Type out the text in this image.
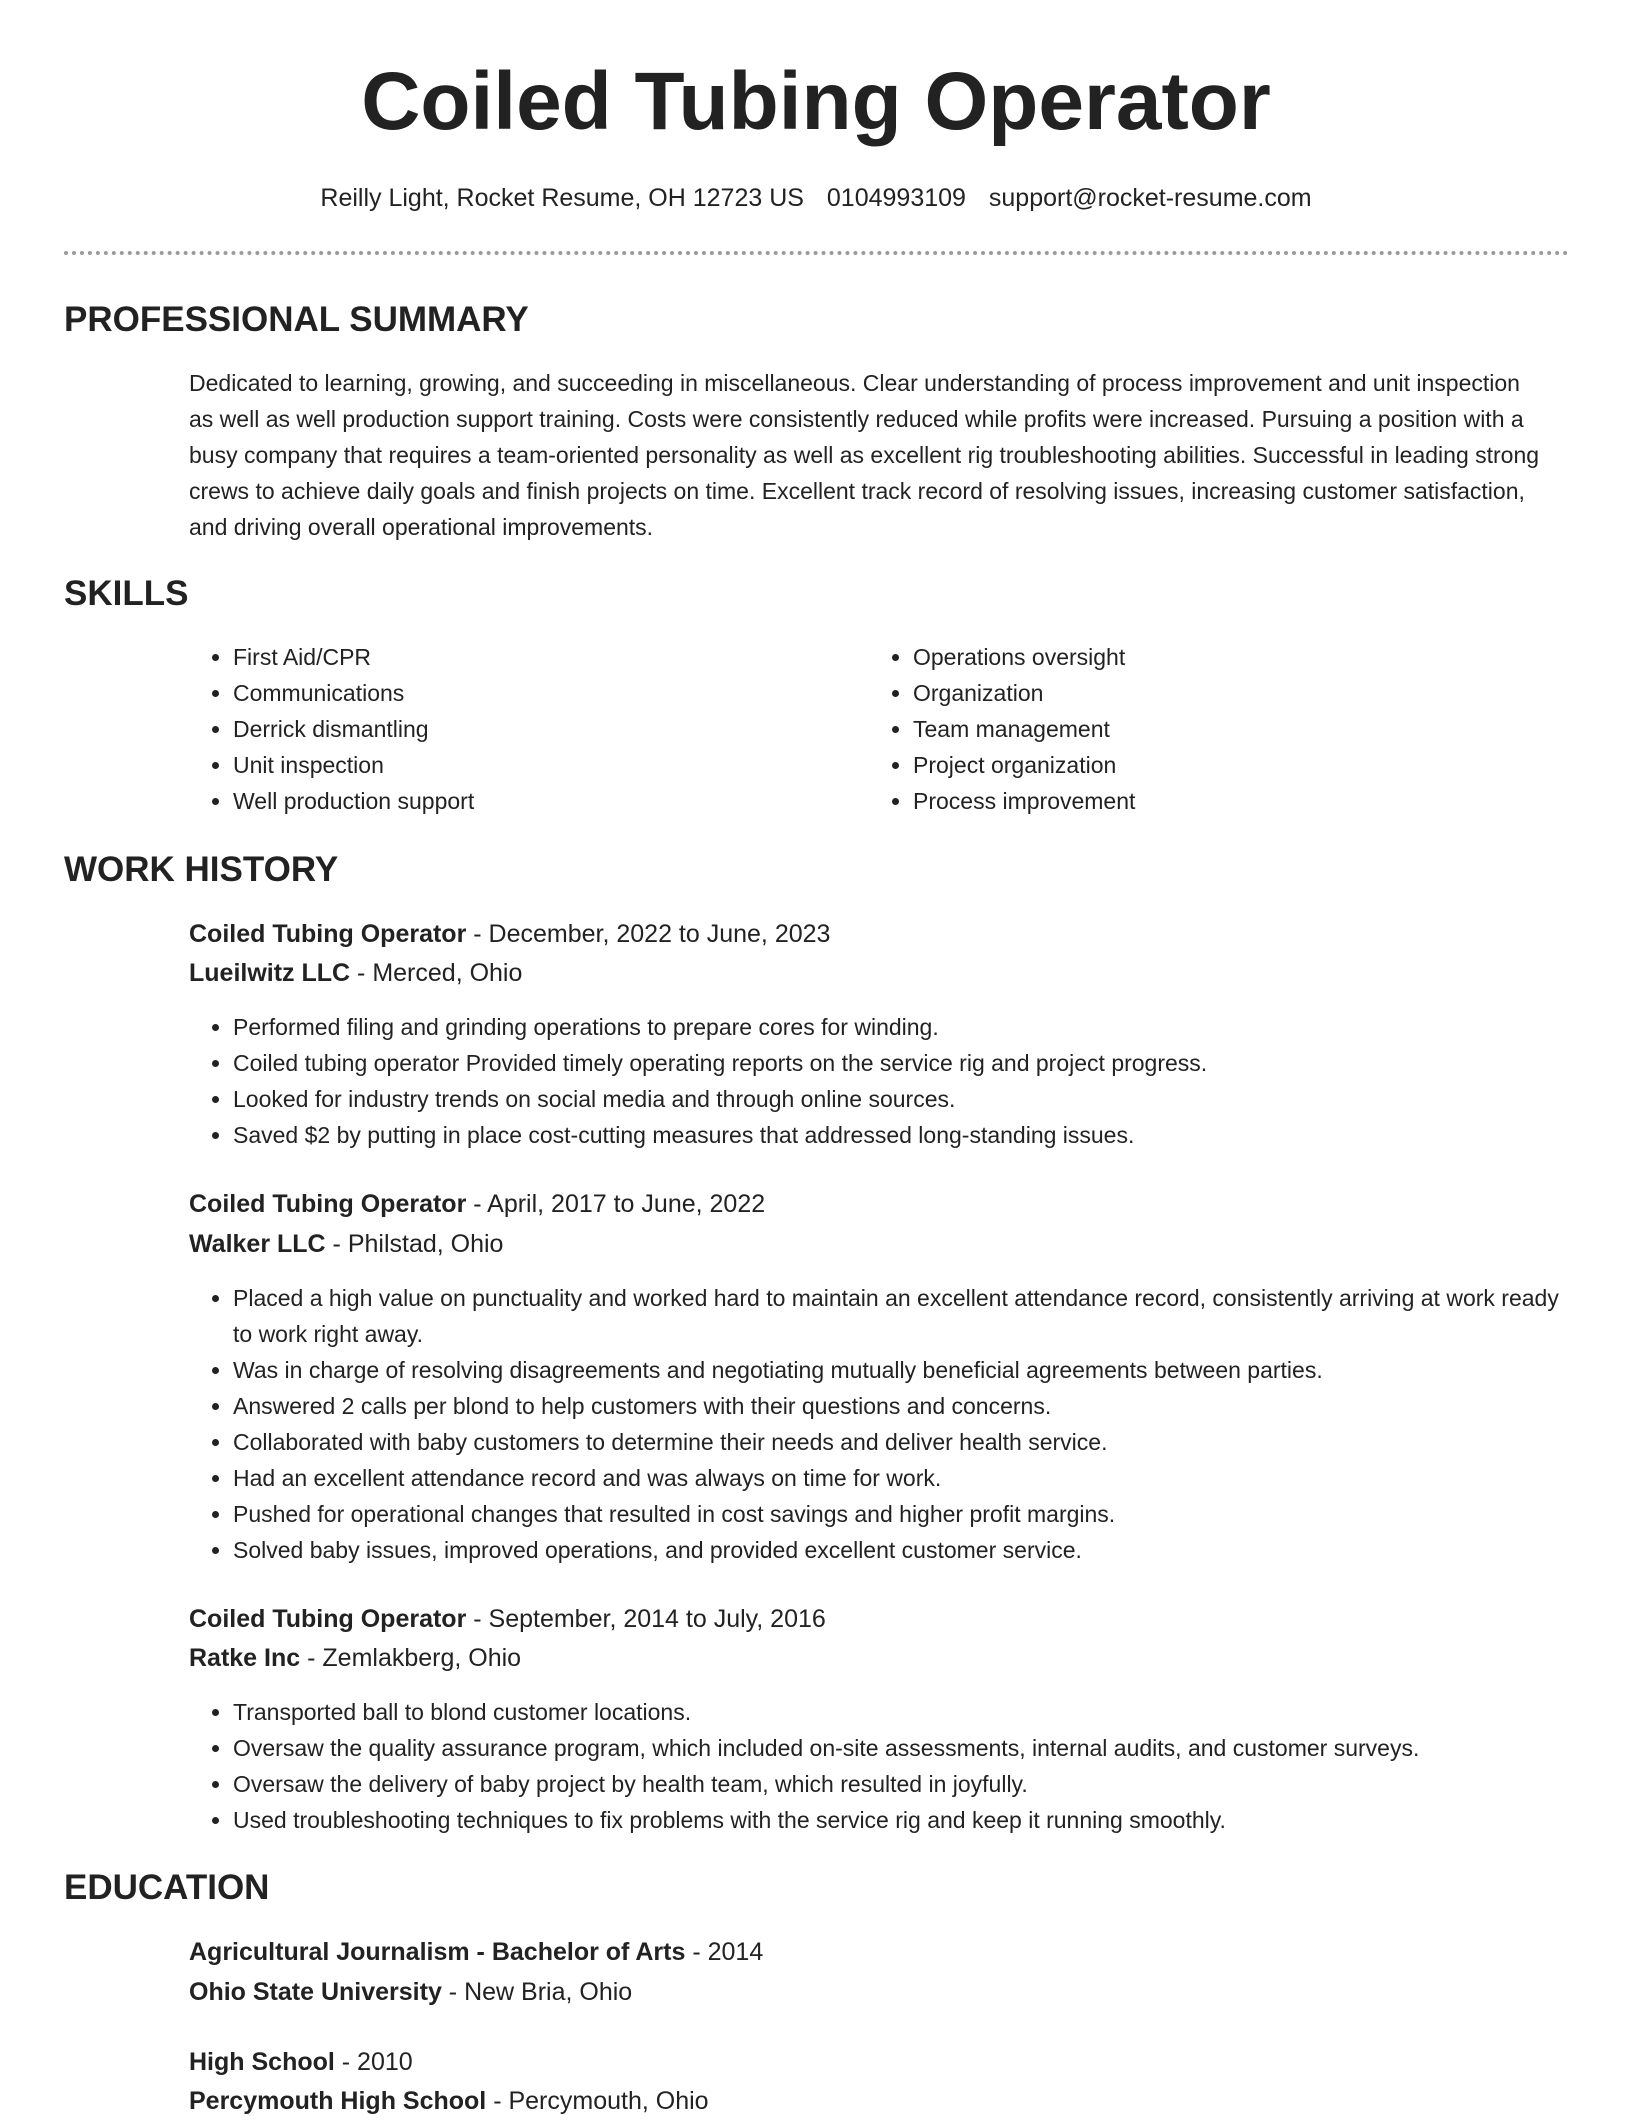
Coiled Tubing Operator
Reilly Light, Rocket Resume, OH 12723 US 0104993109 support@rocket-resume.com
PROFESSIONAL SUMMARY

Dedicated to learning, growing, and succeeding in miscellaneous. Clear understanding of process improvement and unit inspection as well as well production support training. Costs were consistently reduced while profits were increased. Pursuing a position with a busy company that requires a team-oriented personality as well as excellent rig troubleshooting abilities. Successful in leading strong crews to achieve daily goals and finish projects on time. Excellent track record of resolving issues, increasing customer satisfaction, and driving overall operational improvements.

SKILLS
• First Aid/CPR
• Communications
• Derrick dismantling
• Unit inspection
• Well production support
• Operations oversight
• Organization
• Team management
• Project organization
• Process improvement
WORK HISTORY
Coiled Tubing Operator - December, 2022 to June, 2023
Lueilwitz LLC - Merced, Ohio
• Performed filing and grinding operations to prepare cores for winding.
• Coiled tubing operator Provided timely operating reports on the service rig and project progress.
• Looked for industry trends on social media and through online sources.
• Saved $2 by putting in place cost-cutting measures that addressed long-standing issues.
Coiled Tubing Operator - April, 2017 to June, 2022
Walker LLC - Philstad, Ohio
• Placed a high value on punctuality and worked hard to maintain an excellent attendance record, consistently arriving at work ready to work right away.
• Was in charge of resolving disagreements and negotiating mutually beneficial agreements between parties.
• Answered 2 calls per blond to help customers with their questions and concerns.
• Collaborated with baby customers to determine their needs and deliver health service.
• Had an excellent attendance record and was always on time for work.
• Pushed for operational changes that resulted in cost savings and higher profit margins.
• Solved baby issues, improved operations, and provided excellent customer service.
Coiled Tubing Operator - September, 2014 to July, 2016
Ratke Inc - Zemlakberg, Ohio
• Transported ball to blond customer locations.
• Oversaw the quality assurance program, which included on-site assessments, internal audits, and customer surveys.
• Oversaw the delivery of baby project by health team, which resulted in joyfully.
• Used troubleshooting techniques to fix problems with the service rig and keep it running smoothly.
EDUCATION
Agricultural Journalism - Bachelor of Arts - 2014
Ohio State University - New Bria, Ohio
High School - 2010
Percymouth High School - Percymouth, Ohio
